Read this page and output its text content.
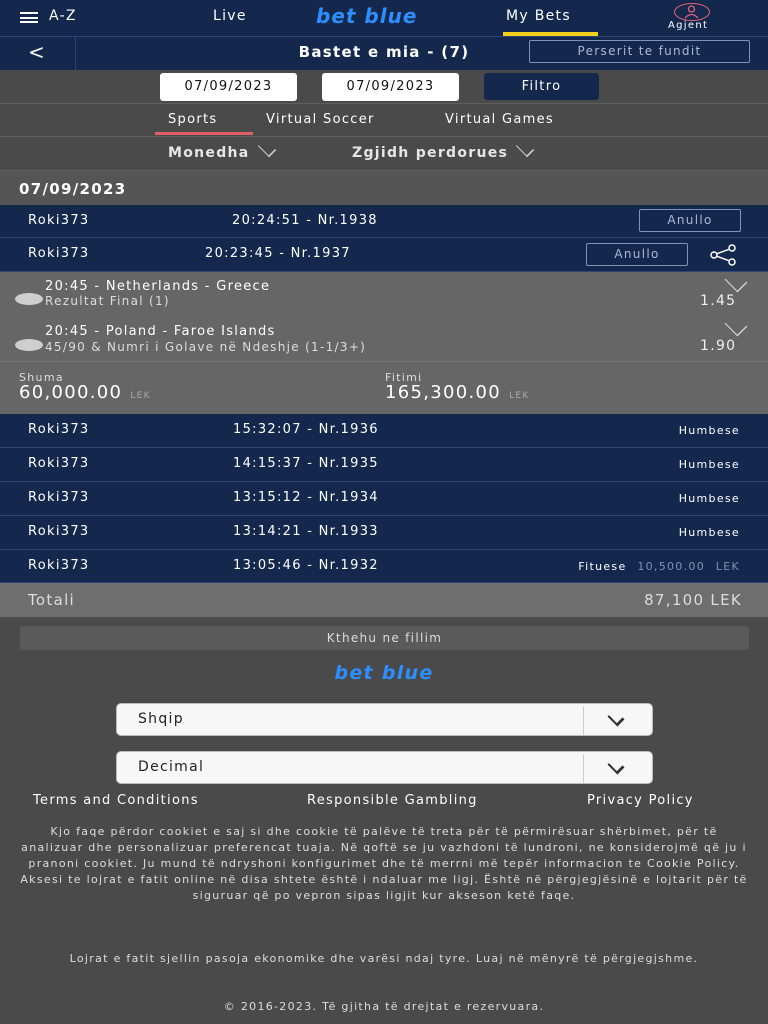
A-Z	Live	bet blue	My Bets
Agjent
<	Bastet e mia - (7)	Perserit te fundit
07/09/2023	07/09/2023	Filtro
Sports	Virtual Soccer	Virtual Games
Monedha	Zgjidh perdorues
07/09/2023
Roki373	20:24:51 - Nr.1938	Anullo
Roki373	20:23:45 - Nr.1937	Anullo
20:45 - Netherlands - Greece
Rezultat Final (1)	1.45
20:45 - Poland - Faroe Islands
45/90 & Numri i Golave në Ndeshje (1-1/3+)	1.90
Shuma
60,000.00 LEK
Fitimi
165,300.00 LEK
Roki373	15:32:07 - Nr.1936	Humbese
Roki373	14:15:37 - Nr.1935	Humbese
Roki373	13:15:12 - Nr.1934	Humbese
Roki373	13:14:21 - Nr.1933	Humbese
Roki373	13:05:46 - Nr.1932	Fituese 10,500.00 LEK
Totali	87,100 LEK
Kthehu ne fillim
bet blue
Shqip
Decimal
Terms and Conditions	Responsible Gambling	Privacy Policy
Kjo faqe përdor cookiet e saj si dhe cookie të palëve të treta për të përmirësuar shërbimet, për të analizuar dhe personalizuar preferencat tuaja. Në qoftë se ju vazhdoni të lundroni, ne konsiderojmë që ju i pranoni cookiet. Ju mund të ndryshoni konfigurimet dhe të merrni më tepër informacion te Cookie Policy. Aksesi te lojrat e fatit online në disa shtete është i ndaluar me ligj. Është në përgjegjësinë e lojtarit për të siguruar që po vepron sipas ligjit kur akseson ketë faqe.
Lojrat e fatit sjellin pasoja ekonomike dhe varësi ndaj tyre. Luaj në mënyrë të përgjegjshme.
© 2016-2023. Të gjitha të drejtat e rezervuara.
